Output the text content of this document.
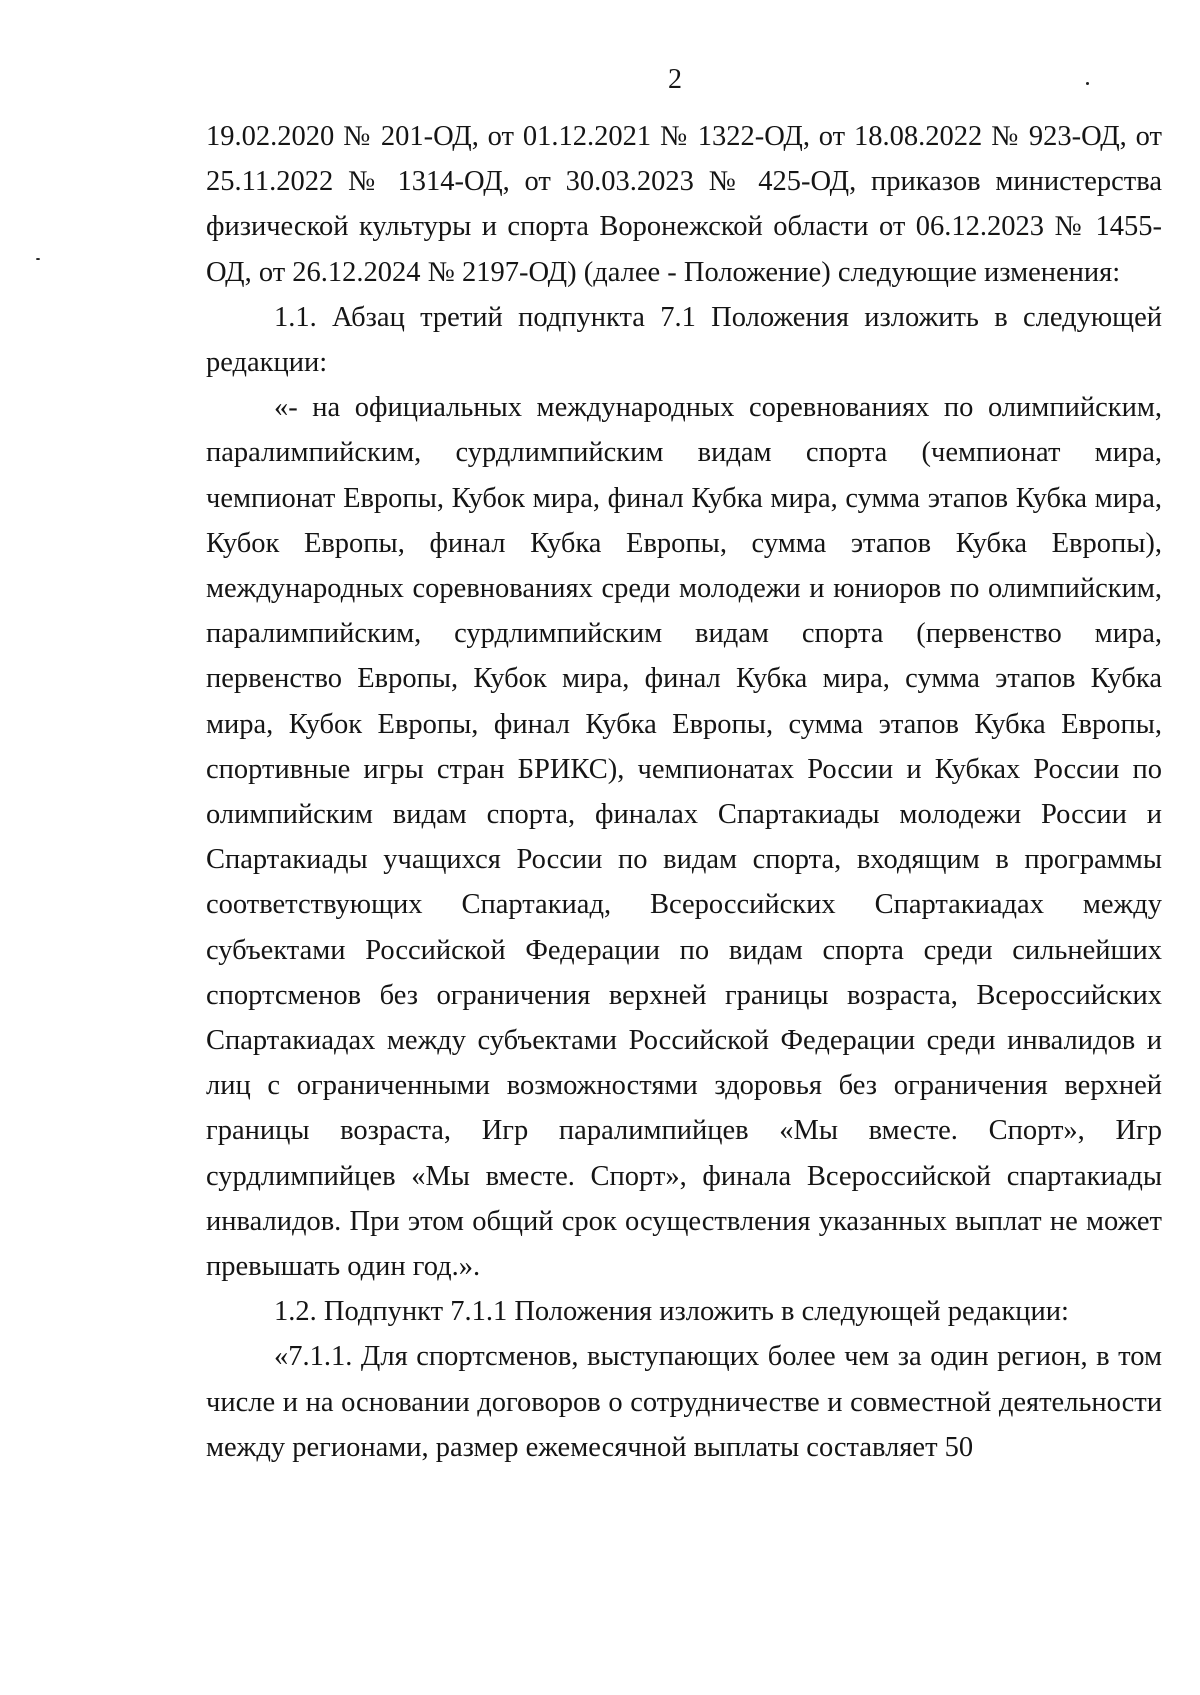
2

19.02.2020 № 201-ОД, от 01.12.2021 № 1322-ОД, от 18.08.2022 № 923-ОД, от 25.11.2022 № 1314-ОД, от 30.03.2023 № 425-ОД, приказов министерства физической культуры и спорта Воронежской области от 06.12.2023 № 1455-ОД, от 26.12.2024 № 2197-ОД) (далее - Положение) следующие изменения:

1.1. Абзац третий подпункта 7.1 Положения изложить в следующей редакции:

«- на официальных международных соревнованиях по олимпийским, паралимпийским, сурдлимпийским видам спорта (чемпионат мира, чемпионат Европы, Кубок мира, финал Кубка мира, сумма этапов Кубка мира, Кубок Европы, финал Кубка Европы, сумма этапов Кубка Европы), международных соревнованиях среди молодежи и юниоров по олимпийским, паралимпийским, сурдлимпийским видам спорта (первенство мира, первенство Европы, Кубок мира, финал Кубка мира, сумма этапов Кубка мира, Кубок Европы, финал Кубка Европы, сумма этапов Кубка Европы, спортивные игры стран БРИКС), чемпионатах России и Кубках России по олимпийским видам спорта, финалах Спартакиады молодежи России и Спартакиады учащихся России по видам спорта, входящим в программы соответствующих Спартакиад, Всероссийских Спартакиадах между субъектами Российской Федерации по видам спорта среди сильнейших спортсменов без ограничения верхней границы возраста, Всероссийских Спартакиадах между субъектами Российской Федерации среди инвалидов и лиц с ограниченными возможностями здоровья без ограничения верхней границы возраста, Игр паралимпийцев «Мы вместе. Спорт», Игр сурдлимпийцев «Мы вместе. Спорт», финала Всероссийской спартакиады инвалидов. При этом общий срок осуществления указанных выплат не может превышать один год.».

1.2. Подпункт 7.1.1 Положения изложить в следующей редакции:

«7.1.1. Для спортсменов, выступающих более чем за один регион, в том числе и на основании договоров о сотрудничестве и совместной деятельности между регионами, размер ежемесячной выплаты составляет 50
